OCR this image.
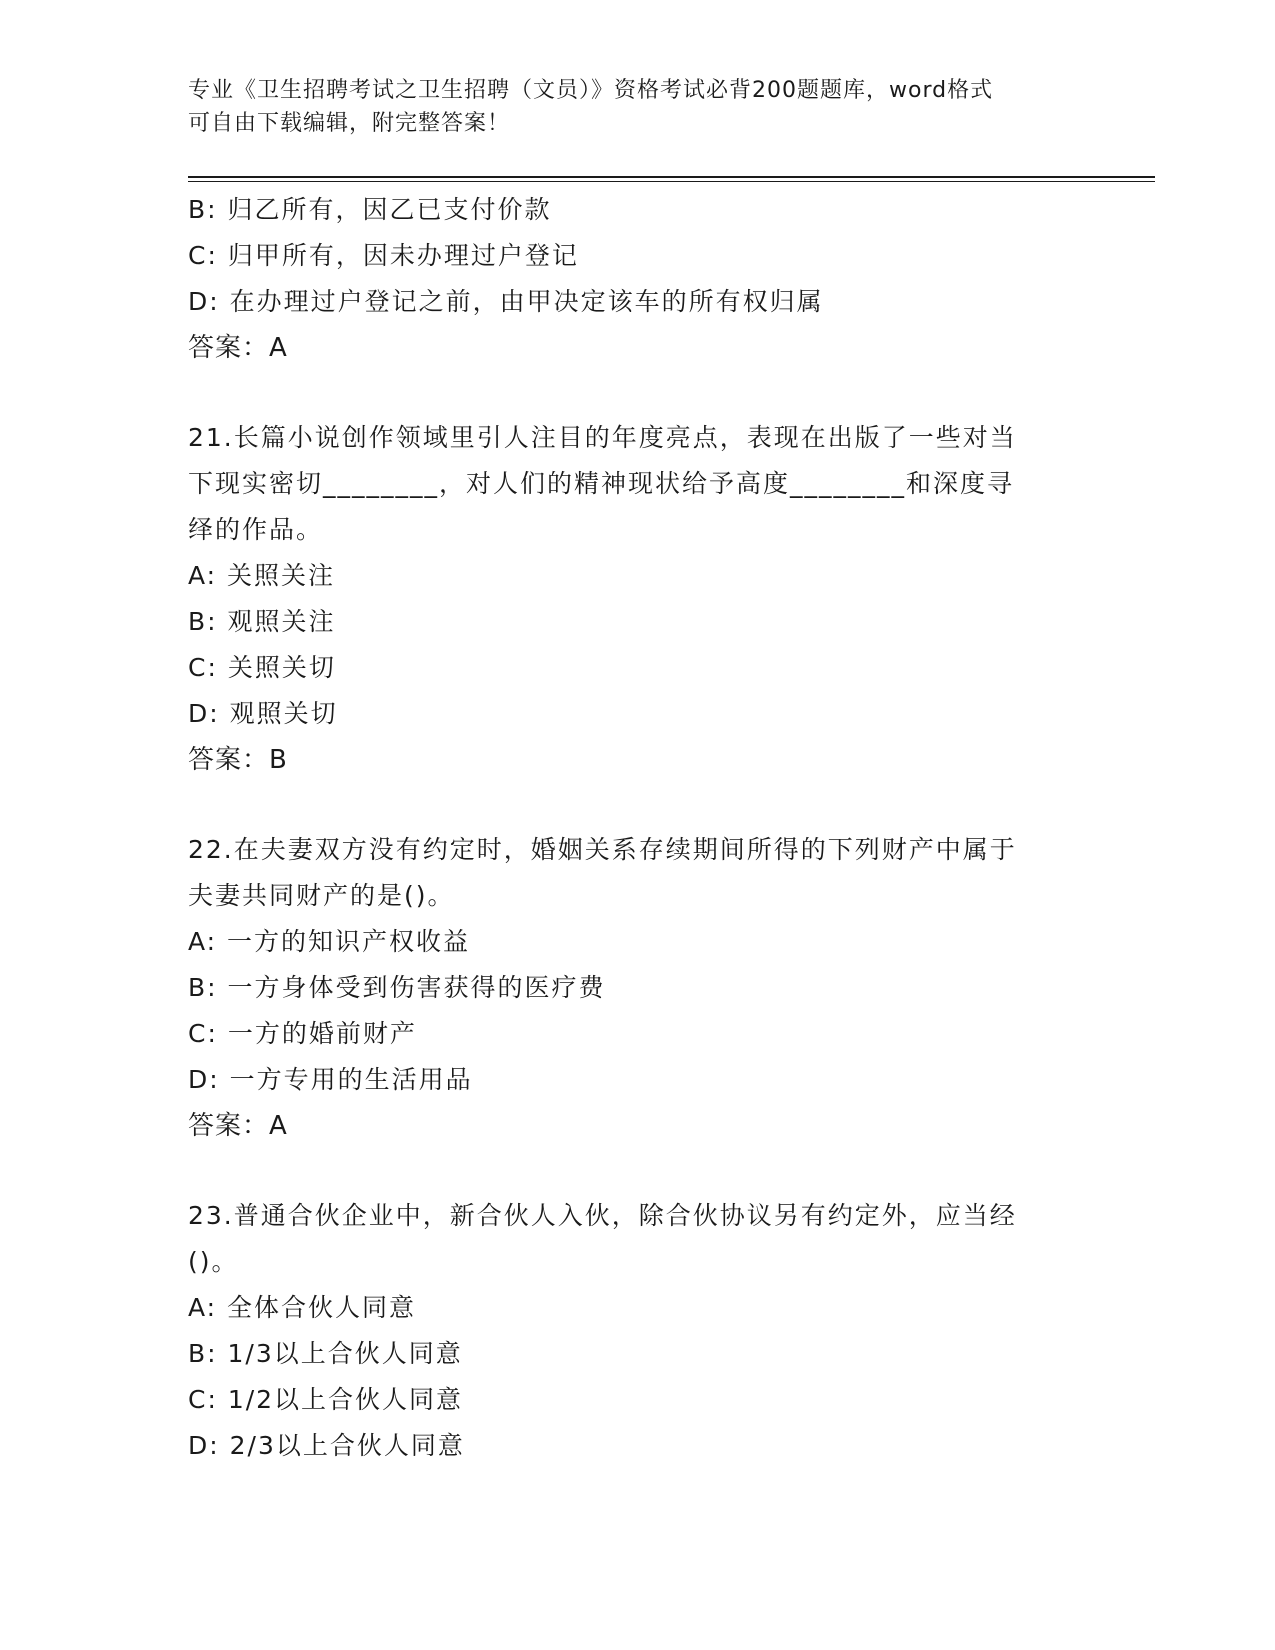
专业《卫生招聘考试之卫生招聘（文员）》资格考试必背200题题库，word格式
可自由下载编辑，附完整答案！
B: 归乙所有，因乙已支付价款
C: 归甲所有，因未办理过户登记
D: 在办理过户登记之前，由甲决定该车的所有权归属
答案：A
21.长篇小说创作领域里引人注目的年度亮点，表现在出版了一些对当
下现实密切________，对人们的精神现状给予高度________和深度寻
绎的作品。
A: 关照关注
B: 观照关注
C: 关照关切
D: 观照关切
答案：B
22.在夫妻双方没有约定时，婚姻关系存续期间所得的下列财产中属于
夫妻共同财产的是()。
A: 一方的知识产权收益
B: 一方身体受到伤害获得的医疗费
C: 一方的婚前财产
D: 一方专用的生活用品
答案：A
23.普通合伙企业中，新合伙人入伙，除合伙协议另有约定外，应当经
()。
A: 全体合伙人同意
B: 1/3以上合伙人同意
C: 1/2以上合伙人同意
D: 2/3以上合伙人同意
